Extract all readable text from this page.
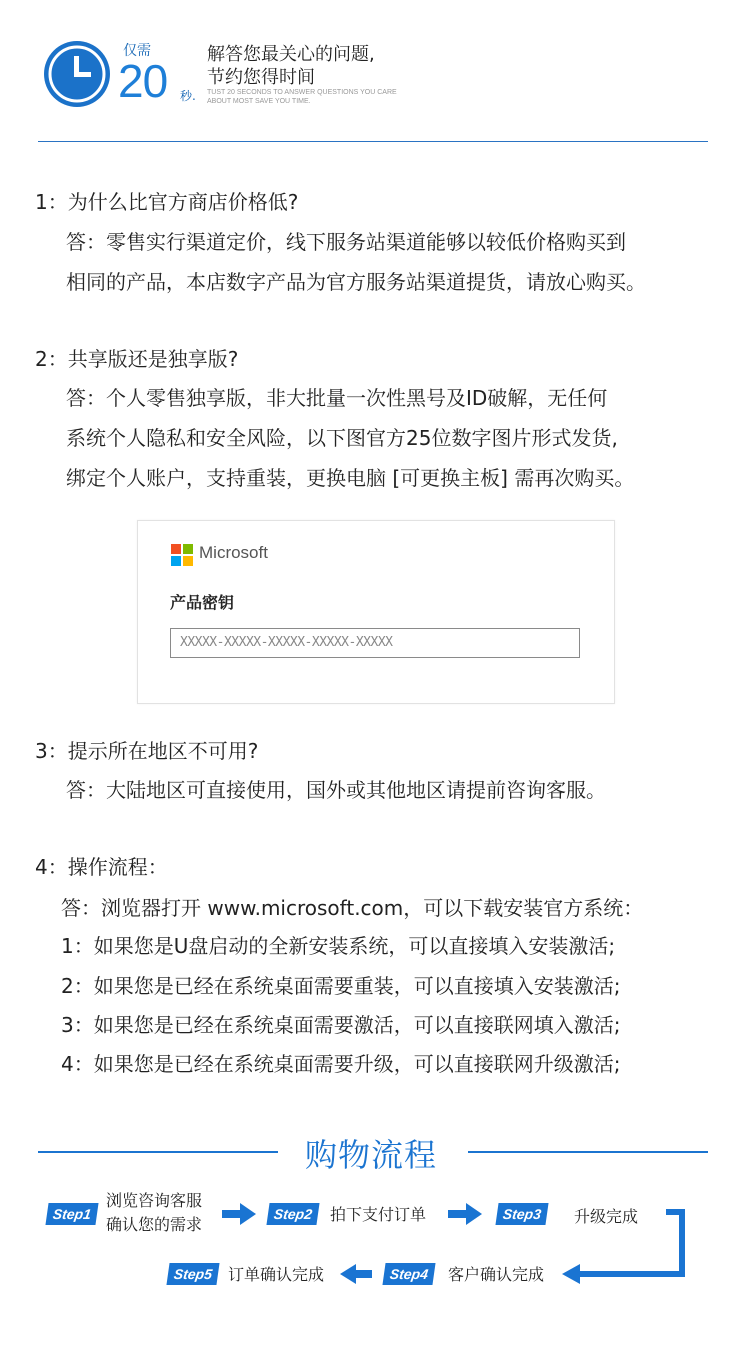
仅需
20 秒.
解答您最关心的问题,
节约您得时间
TUST 20 SECONDS TO ANSWER QUESTIONS YOU CARE
ABOUT MOST SAVE YOU TIME.
1：为什么比官方商店价格低?
答：零售实行渠道定价，线下服务站渠道能够以较低价格购买到
相同的产品，本店数字产品为官方服务站渠道提货，请放心购买。
2：共享版还是独享版?
答：个人零售独享版，非大批量一次性黑号及ID破解，无任何
系统个人隐私和安全风险，以下图官方25位数字图片形式发货,
绑定个人账户，支持重装，更换电脑 [可更换主板] 需再次购买。
Microsoft
产品密钥
XXXXX-XXXXX-XXXXX-XXXXX-XXXXX
3：提示所在地区不可用?
答：大陆地区可直接使用，国外或其他地区请提前咨询客服。
4：操作流程：
答：浏览器打开 www.microsoft.com，可以下载安装官方系统：
1：如果您是U盘启动的全新安装系统，可以直接填入安装激活;
2：如果您是已经在系统桌面需要重装，可以直接填入安装激活;
3：如果您是已经在系统桌面需要激活，可以直接联网填入激活;
4：如果您是已经在系统桌面需要升级，可以直接联网升级激活;
购物流程
Step1
浏览咨询客服
确认您的需求
Step2	拍下支付订单	Step3	升级完成
Step4	客户确认完成
Step5 订单确认完成
